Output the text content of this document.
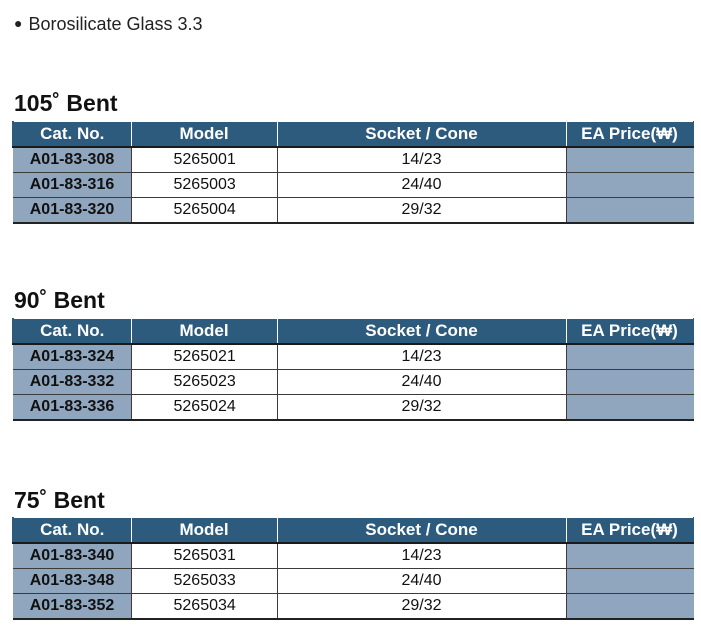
● Borosilicate Glass 3.3
105˚ Bent
Cat. No.	Model	Socket / Cone	EA Price(₩)
A01-83-308	5265001	14/23	
A01-83-316	5265003	24/40	
A01-83-320	5265004	29/32	
90˚ Bent
Cat. No.	Model	Socket / Cone	EA Price(₩)
A01-83-324	5265021	14/23	
A01-83-332	5265023	24/40	
A01-83-336	5265024	29/32	
75˚ Bent
Cat. No.	Model	Socket / Cone	EA Price(₩)
A01-83-340	5265031	14/23	
A01-83-348	5265033	24/40	
A01-83-352	5265034	29/32	
